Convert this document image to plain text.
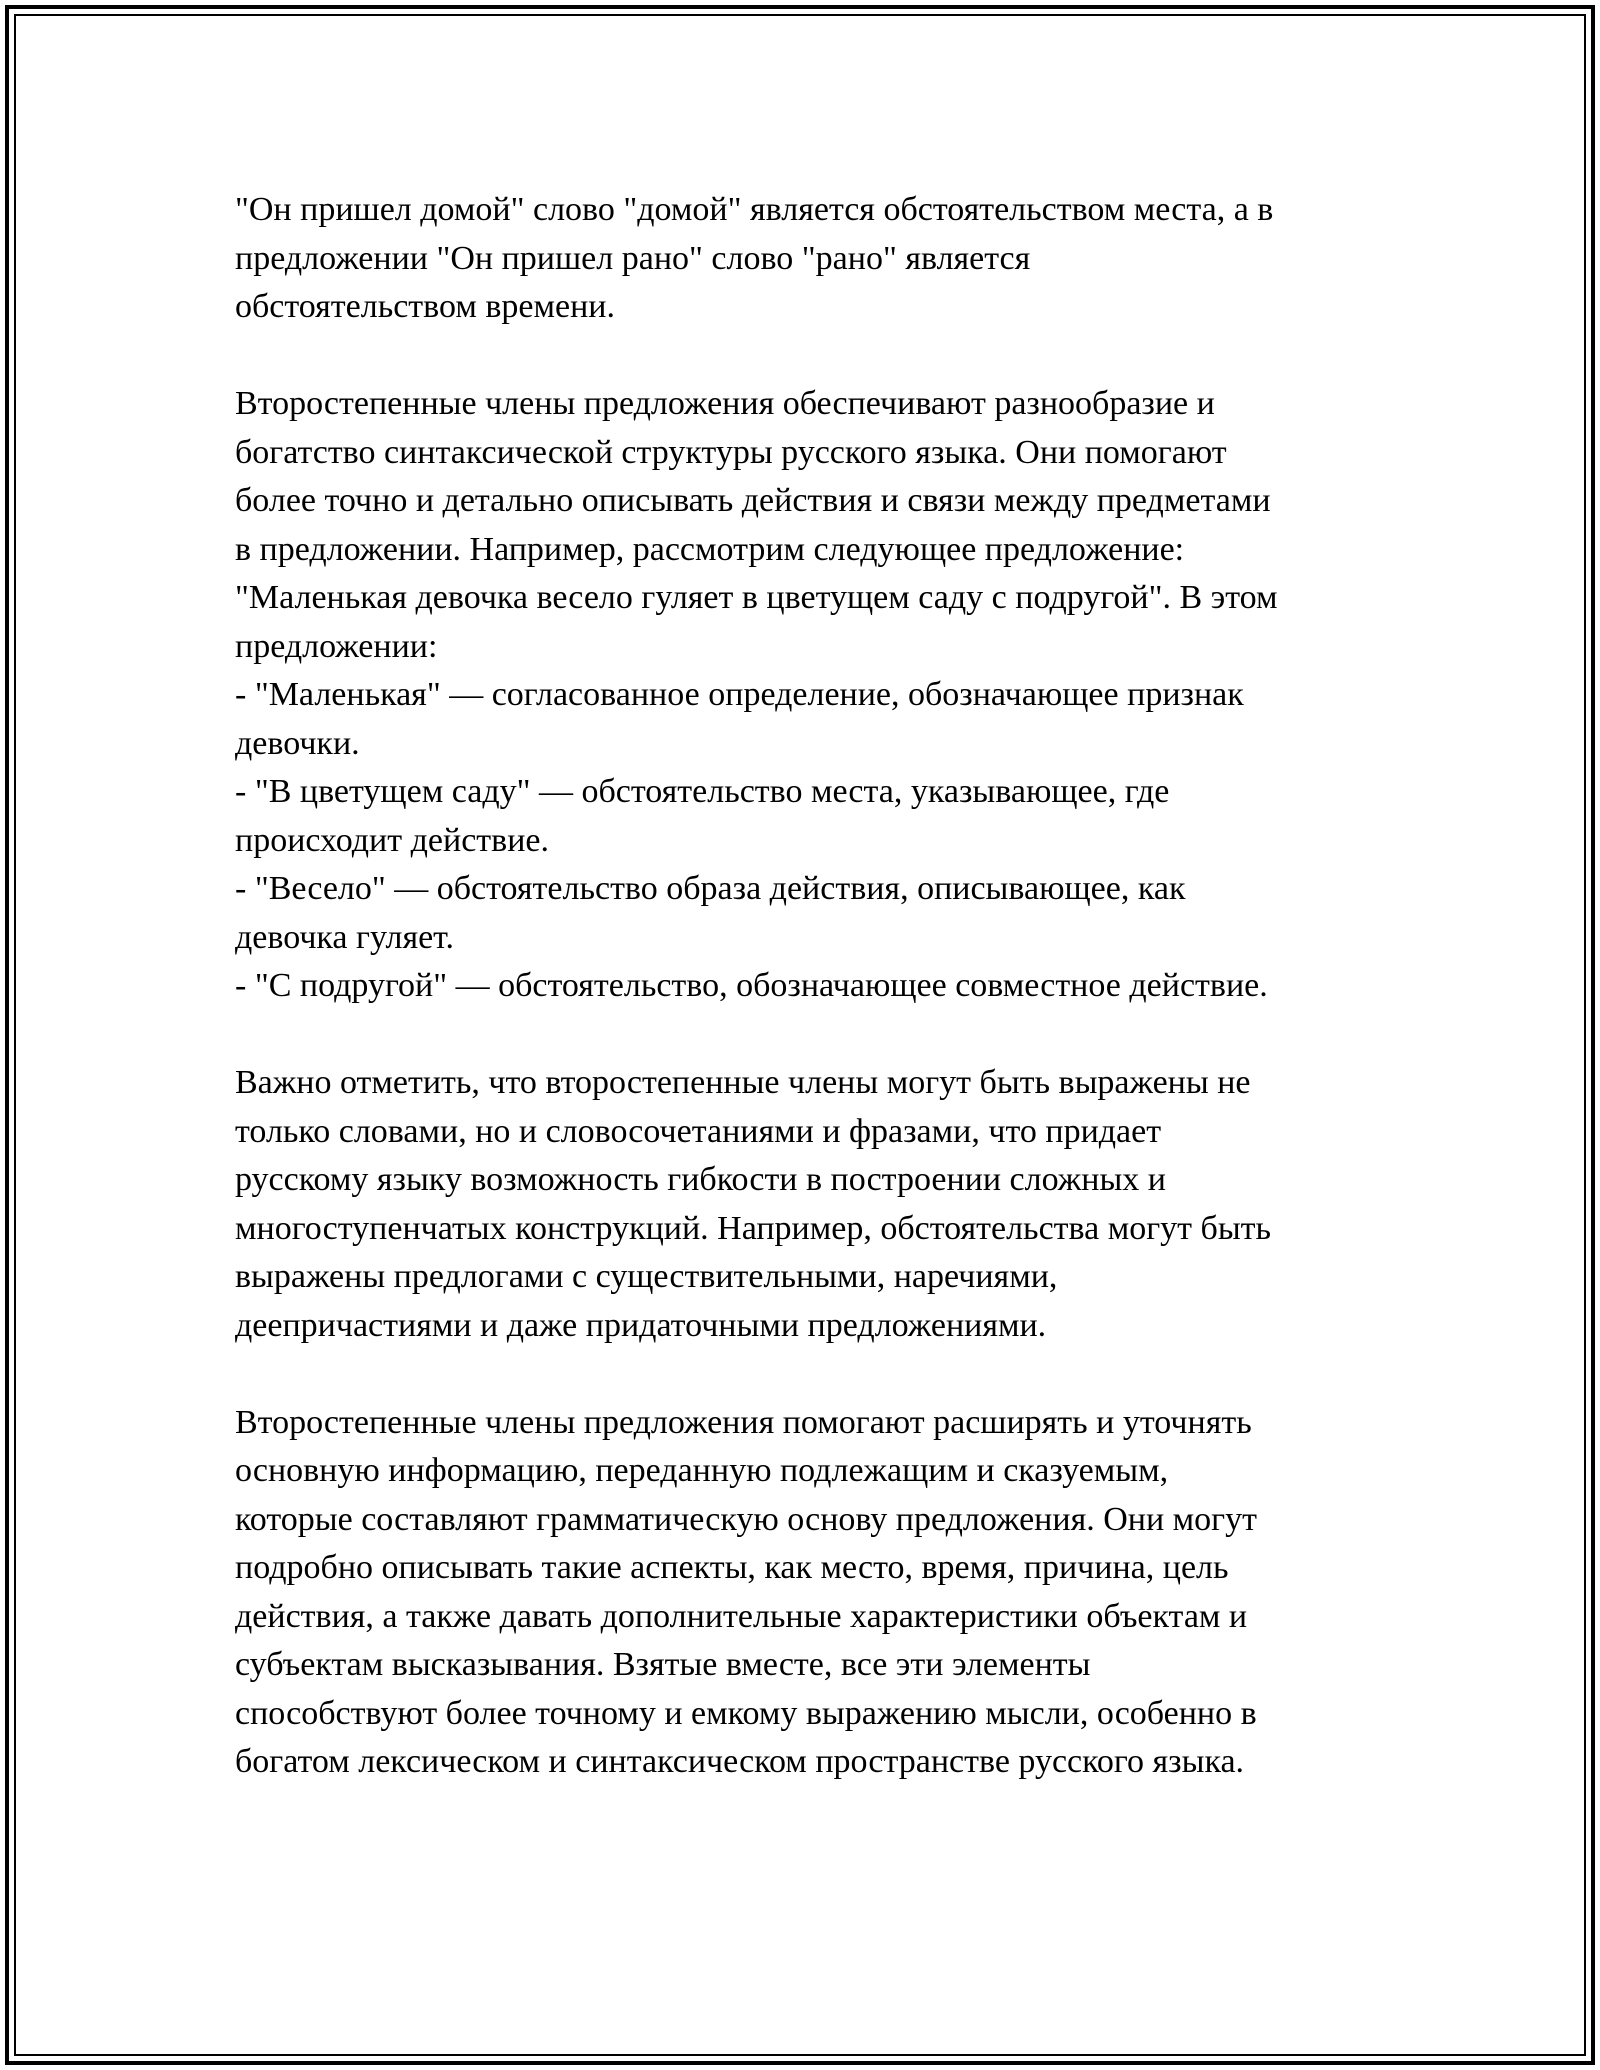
"Он пришел домой" слово "домой" является обстоятельством места, а в
предложении "Он пришел рано" слово "рано" является
обстоятельством времени.
Второстепенные члены предложения обеспечивают разнообразие и
богатство синтаксической структуры русского языка. Они помогают
более точно и детально описывать действия и связи между предметами
в предложении. Например, рассмотрим следующее предложение:
"Маленькая девочка весело гуляет в цветущем саду с подругой". В этом
предложении:
- "Маленькая" — согласованное определение, обозначающее признак
девочки.
- "В цветущем саду" — обстоятельство места, указывающее, где
происходит действие.
- "Весело" — обстоятельство образа действия, описывающее, как
девочка гуляет.
- "С подругой" — обстоятельство, обозначающее совместное действие.
Важно отметить, что второстепенные члены могут быть выражены не
только словами, но и словосочетаниями и фразами, что придает
русскому языку возможность гибкости в построении сложных и
многоступенчатых конструкций. Например, обстоятельства могут быть
выражены предлогами с существительными, наречиями,
деепричастиями и даже придаточными предложениями.
Второстепенные члены предложения помогают расширять и уточнять
основную информацию, переданную подлежащим и сказуемым,
которые составляют грамматическую основу предложения. Они могут
подробно описывать такие аспекты, как место, время, причина, цель
действия, а также давать дополнительные характеристики объектам и
субъектам высказывания. Взятые вместе, все эти элементы
способствуют более точному и емкому выражению мысли, особенно в
богатом лексическом и синтаксическом пространстве русского языка.
